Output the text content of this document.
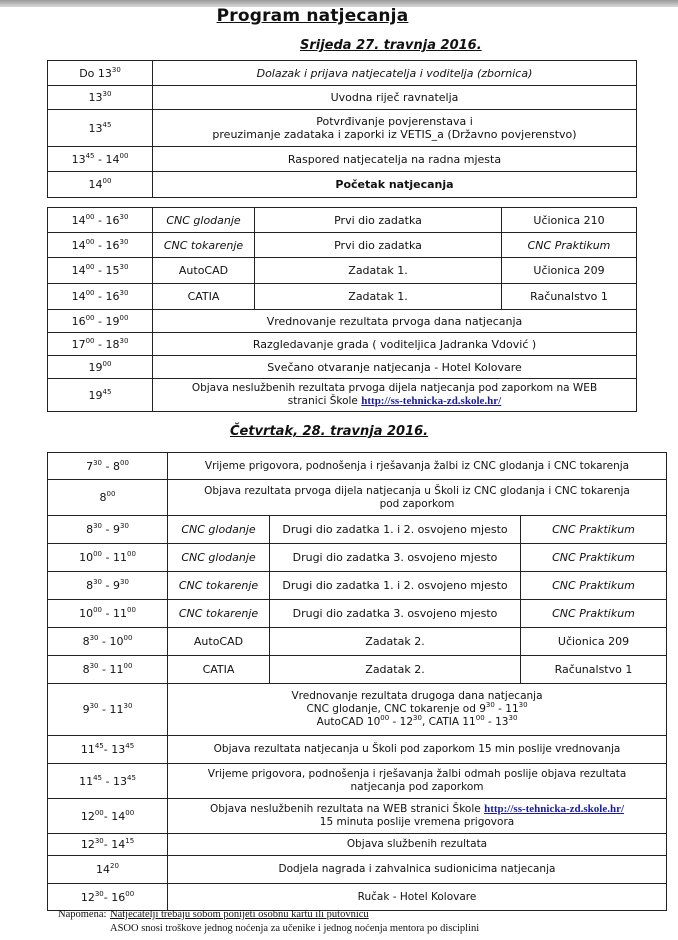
Program natjecanja
Srijeda 27. travnja 2016.
Do $13^{30}$	Dolazak i prijava natjecatelja i voditelja (zbornica)
$13^{30}$	Uvodna riječ ravnatelja
$13^{45}$	Potvrđivanje povjerenstava i
preuzimanje zadataka i zaporki iz VETIS_a (Državno povjerenstvo)

$13^{45} - 14^{00}$	Raspored natjecatelja na radna mjesta
$14^{00}$	Početak natjecanja
$14^{00} - 16^{30}$	CNC glodanje	Prvi dio zadatka	Učionica 210
$14^{00} - 16^{30}$	CNC tokarenje	Prvi dio zadatka	CNC Praktikum
$14^{00} - 15^{30}$	AutoCAD	Zadatak 1.	Učionica 209
$14^{00} - 16^{30}$	CATIA	Zadatak 1.	Računalstvo 1
$16^{00} - 19^{00}$	Vrednovanje rezultata prvoga dana natjecanja		
$17^{00} - 18^{30}$	Razgledavanje grada ( voditeljica Jadranka Vdović )		
$19^{00}$	Svečano otvaranje natjecanja - Hotel Kolovare		
$19^{45}$	Objava neslužbenih rezultata prvoga dijela natjecanja pod zaporkom na WEB
stranici Škole http://ss-tehnicka-zd.skole.hr/		
Četvrtak, 28. travnja 2016.
$7^{30} - 8^{00}$	Vrijeme prigovora, podnošenja i rješavanja žalbi iz CNC glodanja i CNC tokarenja		
$8^{00}$	Objava rezultata prvoga dijela natjecanja u Školi iz CNC glodanja i CNC tokarenja
pod zaporkom		

$8^{30} - 9^{30}$	CNC glodanje	Drugi dio zadatka 1. i 2. osvojeno mjesto	CNC Praktikum
$10^{00} - 11^{00}$	CNC glodanje	Drugi dio zadatka 3. osvojeno mjesto	CNC Praktikum
$8^{30} - 9^{30}$	CNC tokarenje	Drugi dio zadatka 1. i 2. osvojeno mjesto	CNC Praktikum
$10^{00} - 11^{00}$	CNC tokarenje	Drugi dio zadatka 3. osvojeno mjesto	CNC Praktikum
$8^{30} - 10^{00}$	AutoCAD	Zadatak 2.	Učionica 209
$8^{30} - 11^{00}$	CATIA	Zadatak 2.	Računalstvo 1
$9^{30} - 11^{30}$	Vrednovanje rezultata drugoga dana natjecanja
CNC glodanje, CNC tokarenje od $9^{30} - 11^{30}$
AutoCAD $10^{00} - 12^{30}$, CATIA $11^{00} - 13^{30}$

$11^{45}-$ $13^{45}$	Objava rezultata natjecanja u Školi pod zaporkom 15 min poslije vrednovanja		
$11^{45} - 13^{45}$	Vrijeme prigovora, podnošenja i rješavanja žalbi odmah poslije objava rezultata
natjecanja pod zaporkom		

$12^{00}-$ $14^{00}$	Objava neslužbenih rezultata na WEB stranici Škole http://ss-tehnicka-zd.skole.hr/
15 minuta poslije vremena prigovora		

$12^{30}-$ $14^{15}$	Objava službenih rezultata		
$14^{20}$	Dodjela nagrada i zahvalnica sudionicima natjecanja		
$12^{30}-$ $16^{00}$	Ručak - Hotel Kolovare		
Napomena: Natjecatelji trebaju sobom ponijeti osobnu kartu ili putovnicu
ASOO snosi troškove jednog noćenja za učenike i jednog noćenja mentora po disciplini
